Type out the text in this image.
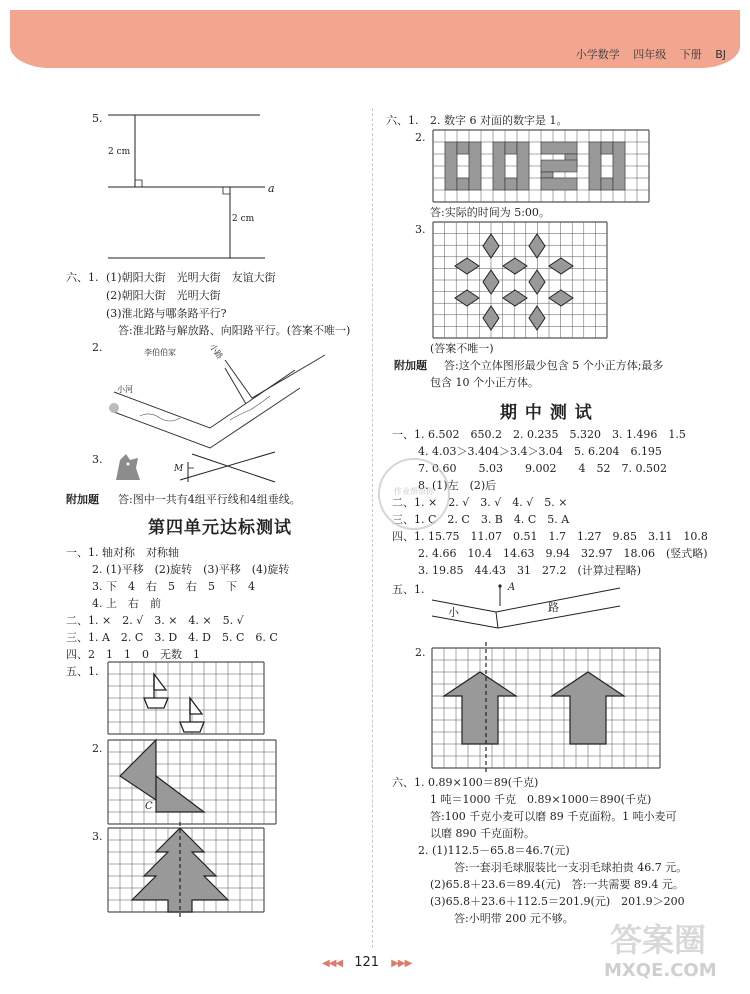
小学数学 四年级 下册 BJ
5.
2 cm
2 cm
a
六、1. (1)朝阳大街　光明大街　友谊大街
(2)朝阳大街　光明大街
(3)淮北路与哪条路平行?
答:淮北路与解放路、向阳路平行。(答案不唯一)
2.	李伯伯家	小路
小河
3.
M
附加题 答:图中一共有4组平行线和4组垂线。
第四单元达标测试
一、1. 轴对称　对称轴
2. (1)平移　(2)旋转　(3)平移　(4)旋转
3. 下　4　右　5　右　5　下　4
4. 上　右　前
二、1. ×　2. √　3. ×　4. ×　5. √
三、1. A　2. C　3. D　4. D　5. C　6. C
四、2　1　1　0　无数　1
五、1.
2.
C
3.
六、1. 2. 数字 6 对面的数字是 1。
2.
答:实际的时间为 5:00。
3.
(答案不唯一)
附加题 答:这个立体图形最少包含 5 个小正方体;最多
包含 10 个小正方体。
期 中 测 试
一、1. 6.502　650.2　2. 0.235　5.320　3. 1.496　1.5
4. 4.03＞3.404＞3.4＞3.04　5. 6.204　6.195
7. 0.60　　5.03　　9.002　　4　52　7. 0.502
8. (1)左　(2)后
二、1. ×　2. √　3. √　4. √　5. ×
三、1. C　2. C　3. B　4. C　5. A
四、1. 15.75　11.07　0.51　1.7　1.27　9.85　3.11　10.8
2. 4.66　10.4　14.63　9.94　32.97　18.06　(竖式略)
3. 19.85　44.43　31　27.2　(计算过程略)
五、1.
作业帮帮你
A
小	路
2.
六、1. 0.89×100＝89(千克)
1 吨＝1000 千克　0.89×1000＝890(千克)
答:100 千克小麦可以磨 89 千克面粉。1 吨小麦可
以磨 890 千克面粉。
2. (1)112.5－65.8＝46.7(元)
答:一套羽毛球服装比一支羽毛球拍贵 46.7 元。
(2)65.8＋23.6＝89.4(元)　答:一共需要 89.4 元。
(3)65.8＋23.6＋112.5＝201.9(元)　201.9＞200
答:小明带 200 元不够。
◀◀◀ 121 ▶▶▶
答案圈
MXQE.COM
